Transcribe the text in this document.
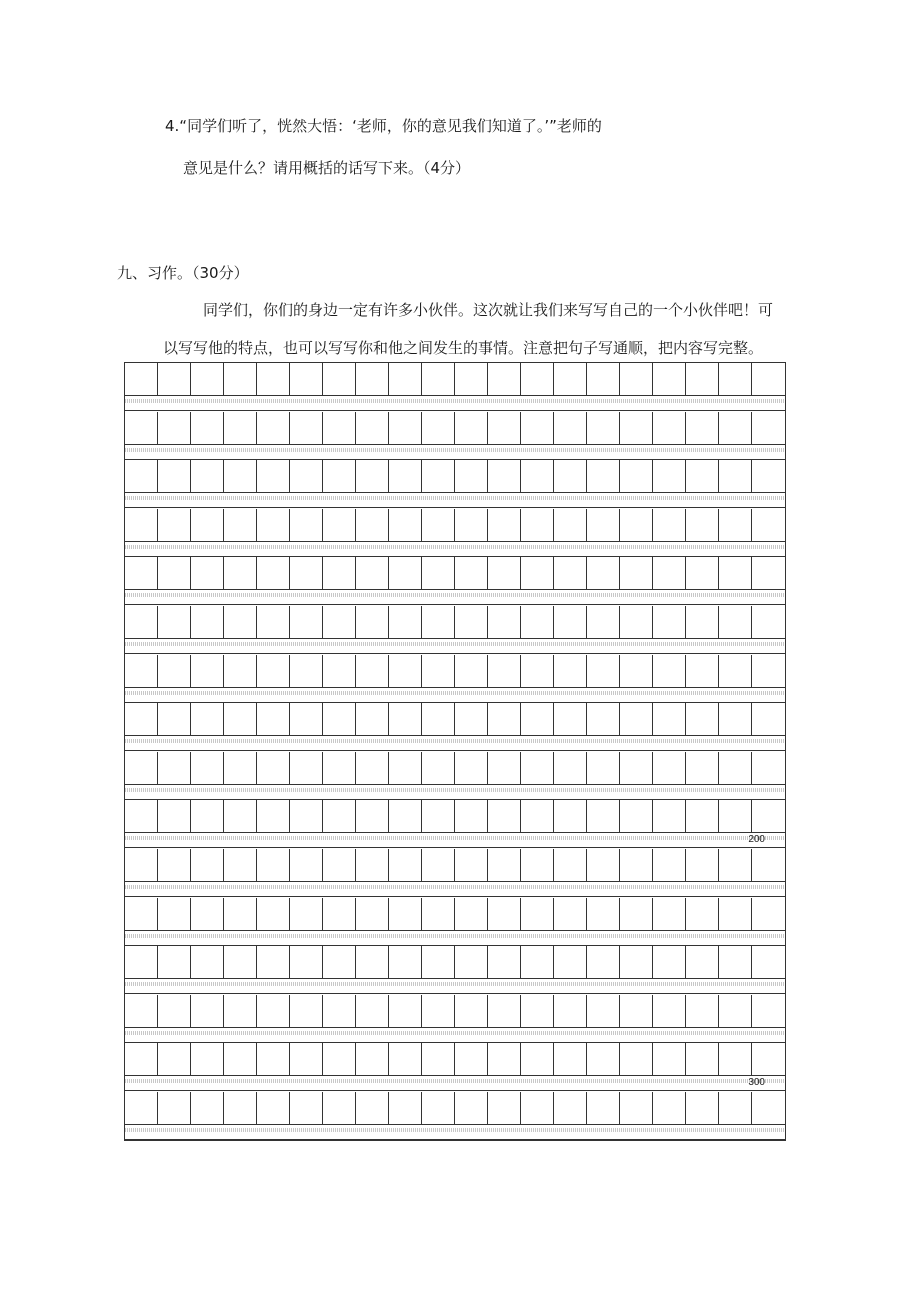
4.“同学们听了，恍然大悟：‘老师，你的意见我们知道了。’”老师的
意见是什么？请用概括的话写下来。（4分）
九、习作。（30分）
同学们，你们的身边一定有许多小伙伴。这次就让我们来写写自己的一个小伙伴吧！可
以写写他的特点，也可以写写你和他之间发生的事情。注意把句子写通顺，把内容写完整。
200
300
